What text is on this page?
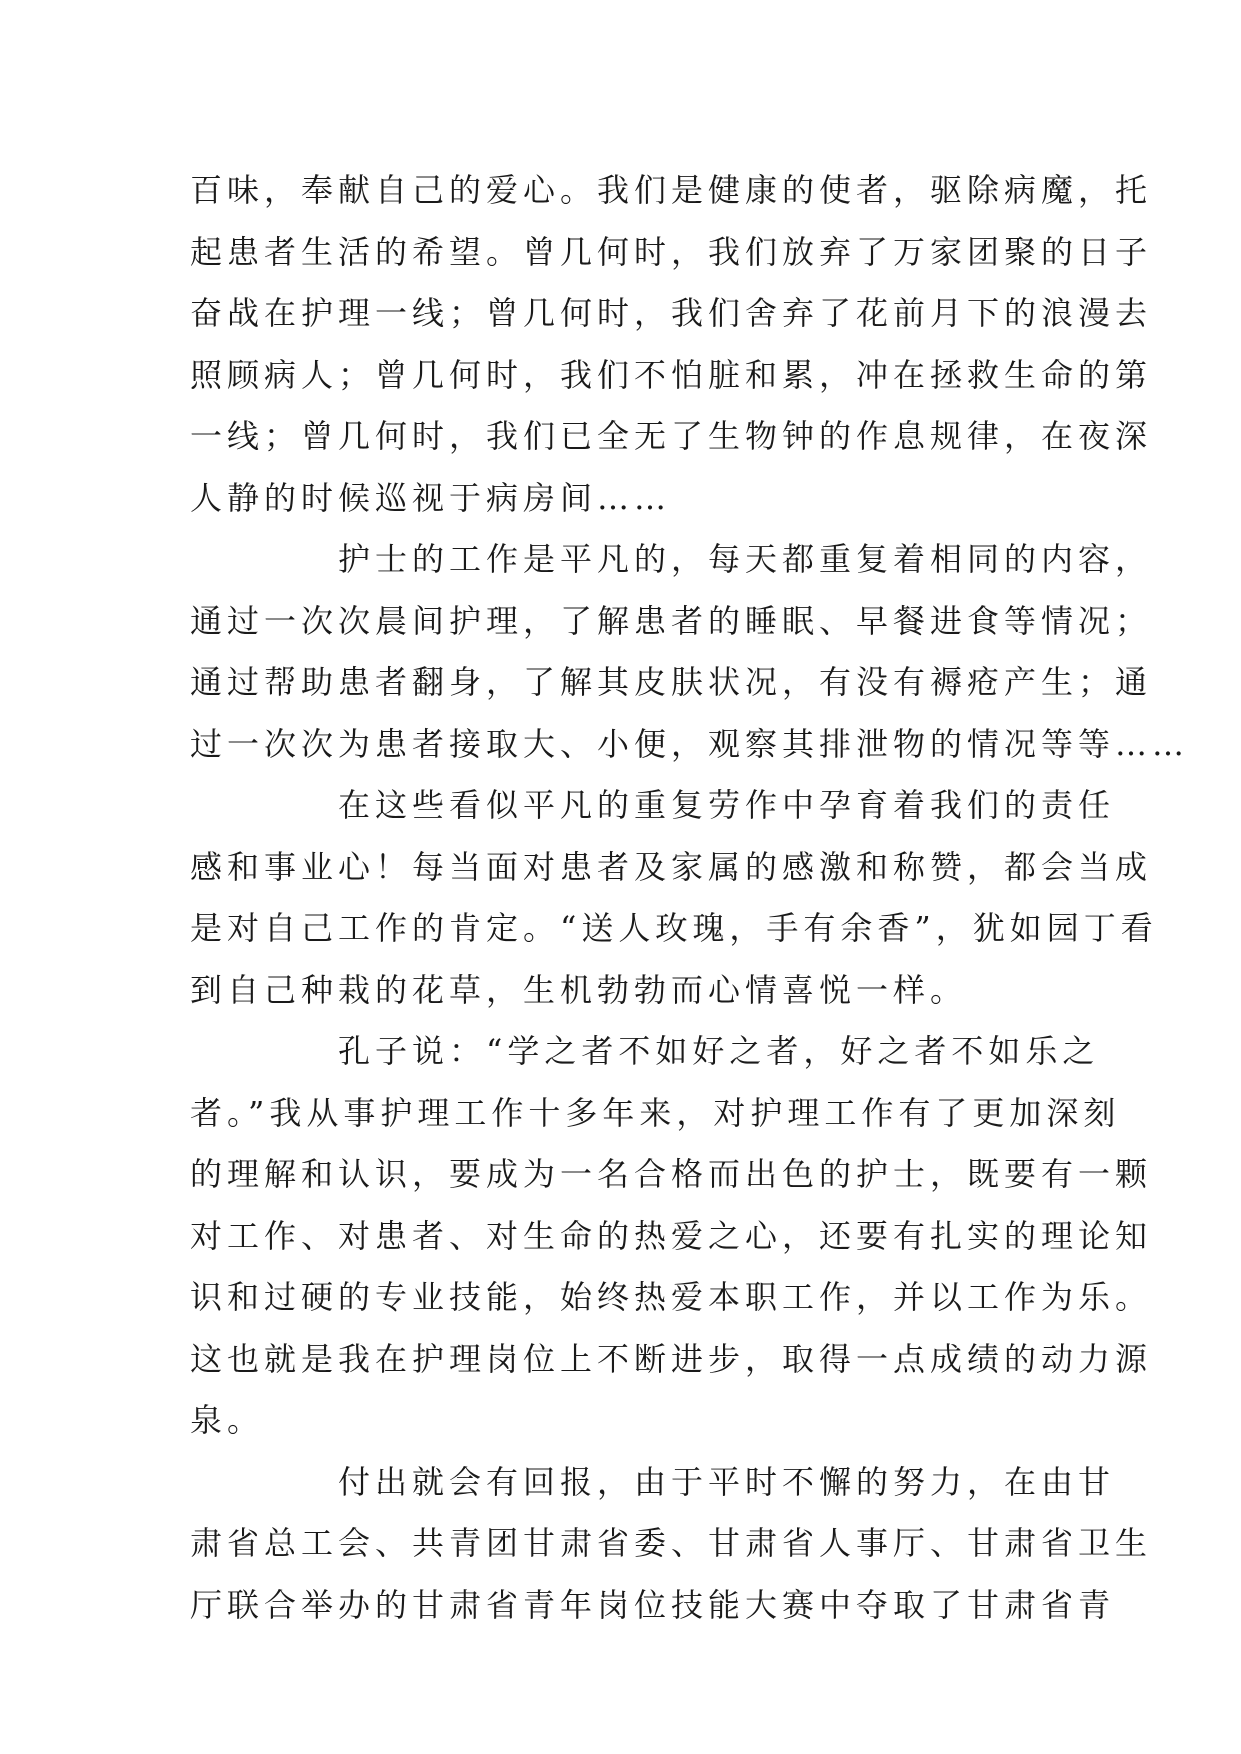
百味，奉献自己的爱心。我们是健康的使者，驱除病魔，托
起患者生活的希望。曾几何时，我们放弃了万家团聚的日子
奋战在护理一线；曾几何时，我们舍弃了花前月下的浪漫去
照顾病人；曾几何时，我们不怕脏和累，冲在拯救生命的第
一线；曾几何时，我们已全无了生物钟的作息规律，在夜深
人静的时候巡视于病房间……
护士的工作是平凡的，每天都重复着相同的内容，
通过一次次晨间护理，了解患者的睡眠、早餐进食等情况；
通过帮助患者翻身，了解其皮肤状况，有没有褥疮产生；通
过一次次为患者接取大、小便，观察其排泄物的情况等等……
在这些看似平凡的重复劳作中孕育着我们的责任
感和事业心！每当面对患者及家属的感激和称赞，都会当成
是对自己工作的肯定。“送人玫瑰，手有余香”，犹如园丁看
到自己种栽的花草，生机勃勃而心情喜悦一样。
孔子说：“学之者不如好之者，好之者不如乐之
者。”我从事护理工作十多年来，对护理工作有了更加深刻
的理解和认识，要成为一名合格而出色的护士，既要有一颗
对工作、对患者、对生命的热爱之心，还要有扎实的理论知
识和过硬的专业技能，始终热爱本职工作，并以工作为乐。
这也就是我在护理岗位上不断进步，取得一点成绩的动力源
泉。
付出就会有回报，由于平时不懈的努力，在由甘
肃省总工会、共青团甘肃省委、甘肃省人事厅、甘肃省卫生
厅联合举办的甘肃省青年岗位技能大赛中夺取了甘肃省青
